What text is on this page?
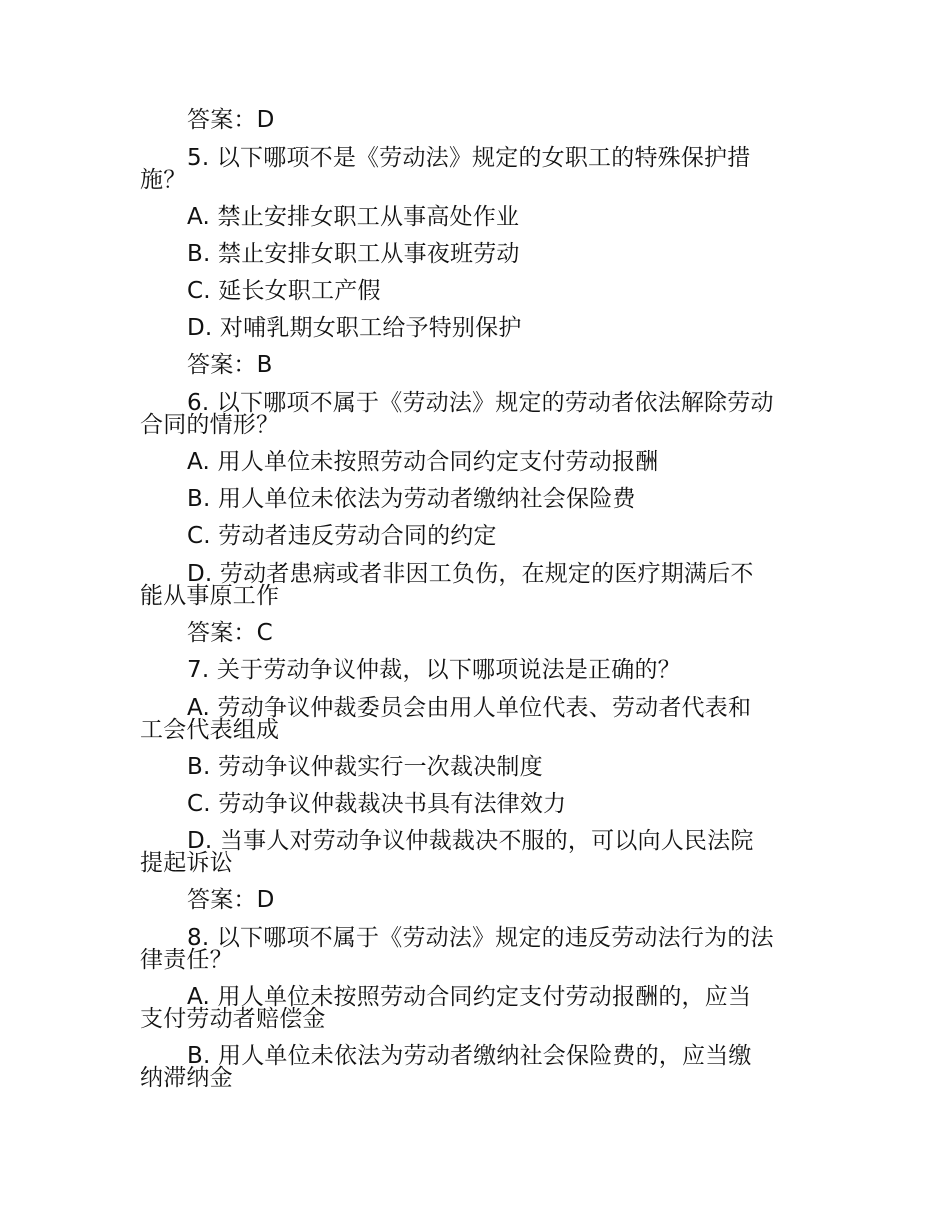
答案：D
5. 以下哪项不是《劳动法》规定的女职工的特殊保护措
施？
A. 禁止安排女职工从事高处作业
B. 禁止安排女职工从事夜班劳动
C. 延长女职工产假
D. 对哺乳期女职工给予特别保护
答案：B
6. 以下哪项不属于《劳动法》规定的劳动者依法解除劳动
合同的情形？
A. 用人单位未按照劳动合同约定支付劳动报酬
B. 用人单位未依法为劳动者缴纳社会保险费
C. 劳动者违反劳动合同的约定
D. 劳动者患病或者非因工负伤，在规定的医疗期满后不
能从事原工作
答案：C
7. 关于劳动争议仲裁，以下哪项说法是正确的？
A. 劳动争议仲裁委员会由用人单位代表、劳动者代表和
工会代表组成
B. 劳动争议仲裁实行一次裁决制度
C. 劳动争议仲裁裁决书具有法律效力
D. 当事人对劳动争议仲裁裁决不服的，可以向人民法院
提起诉讼
答案：D
8. 以下哪项不属于《劳动法》规定的违反劳动法行为的法
律责任？
A. 用人单位未按照劳动合同约定支付劳动报酬的，应当
支付劳动者赔偿金
B. 用人单位未依法为劳动者缴纳社会保险费的，应当缴
纳滞纳金
